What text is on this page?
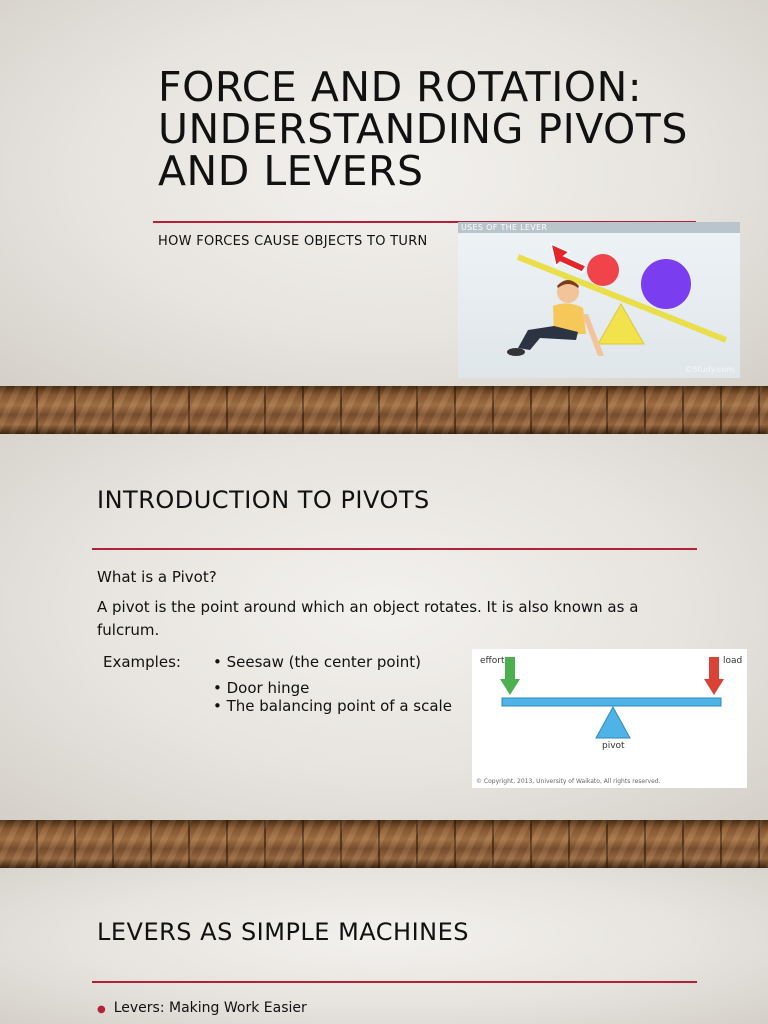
FORCE AND ROTATION: UNDERSTANDING PIVOTS AND LEVERS
HOW FORCES CAUSE OBJECTS TO TURN
USES OF THE LEVER
©Study.com
INTRODUCTION TO PIVOTS
What is a Pivot?
A pivot is the point around which an object rotates. It is also known as a fulcrum.
Examples: • Seesaw (the center point)
• Door hinge
• The balancing point of a scale
effort	load
pivot
© Copyright, 2013, University of Waikato, All rights reserved.
LEVERS AS SIMPLE MACHINES
● Levers: Making Work Easier
